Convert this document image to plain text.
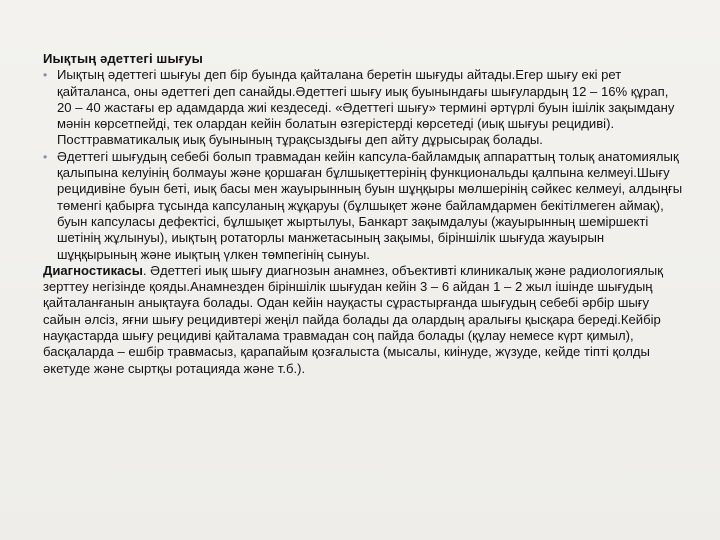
Иықтың әдеттегі шығуы
• Иықтың әдеттегі шығуы деп бір буында қайталана беретін шығуды айтады.Егер шығу екі рет қайталанса, оны әдеттегі деп санайды.Әдеттегі шығу иық буынындағы шығулардың 12 – 16% құрап, 20 – 40 жастағы ер адамдарда жиі кездеседі. «Әдеттегі шығу» термині әртүрлі буын ішілік зақымдану мәнін көрсетпейді, тек олардан кейін болатын өзгерістерді көрсетеді (иық шығуы рецидиві). Посттравматикалық иық буынының тұрақсыздығы деп айту дұрысырақ болады.
• Әдеттегі шығудың себебі болып травмадан кейін капсула-байламдық аппараттың толық анатомиялық қалыпына келуінің болмауы және қоршаған бұлшықеттерінің функциональды қалпына келмеуі.Шығу рецидивіне буын беті, иық басы мен жауырынның буын шұңқыры мөлшерінің сәйкес келмеуі, алдыңғы төменгі қабырға тұсында капсуланың жұқаруы (бұлшықет және байламдармен бекітілмеген аймақ), буын капсуласы дефектісі, бұлшықет жыртылуы, Банкарт зақымдалуы (жауырынның шеміршекті шетінің жұлынуы), иықтың ротаторлы манжетасының зақымы, біріншілік шығуда жауырын шұңқырының және иықтың үлкен төмпегінің сынуы.
Диагностикасы. Әдеттегі иық шығу диагнозын анамнез, объективті клиникалық және радиологиялық зерттеу негізінде қояды.Анамнезден біріншілік шығудан кейін 3 – 6 айдан 1 – 2 жыл ішінде шығудың қайталанғанын анықтауға болады. Одан кейін науқасты сұрастырғанда шығудың себебі әрбір шығу сайын әлсіз, яғни шығу рецидивтері жеңіл пайда болады да олардың аралығы қысқара береді.Кейбір науқастарда шығу рецидиві қайталама травмадан соң пайда болады (құлау немесе күрт қимыл), басқаларда – ешбір травмасыз, қарапайым қозғалыста (мысалы, киінуде, жүзуде, кейде тіпті қолды әкетуде және сыртқы ротацияда және т.б.).
